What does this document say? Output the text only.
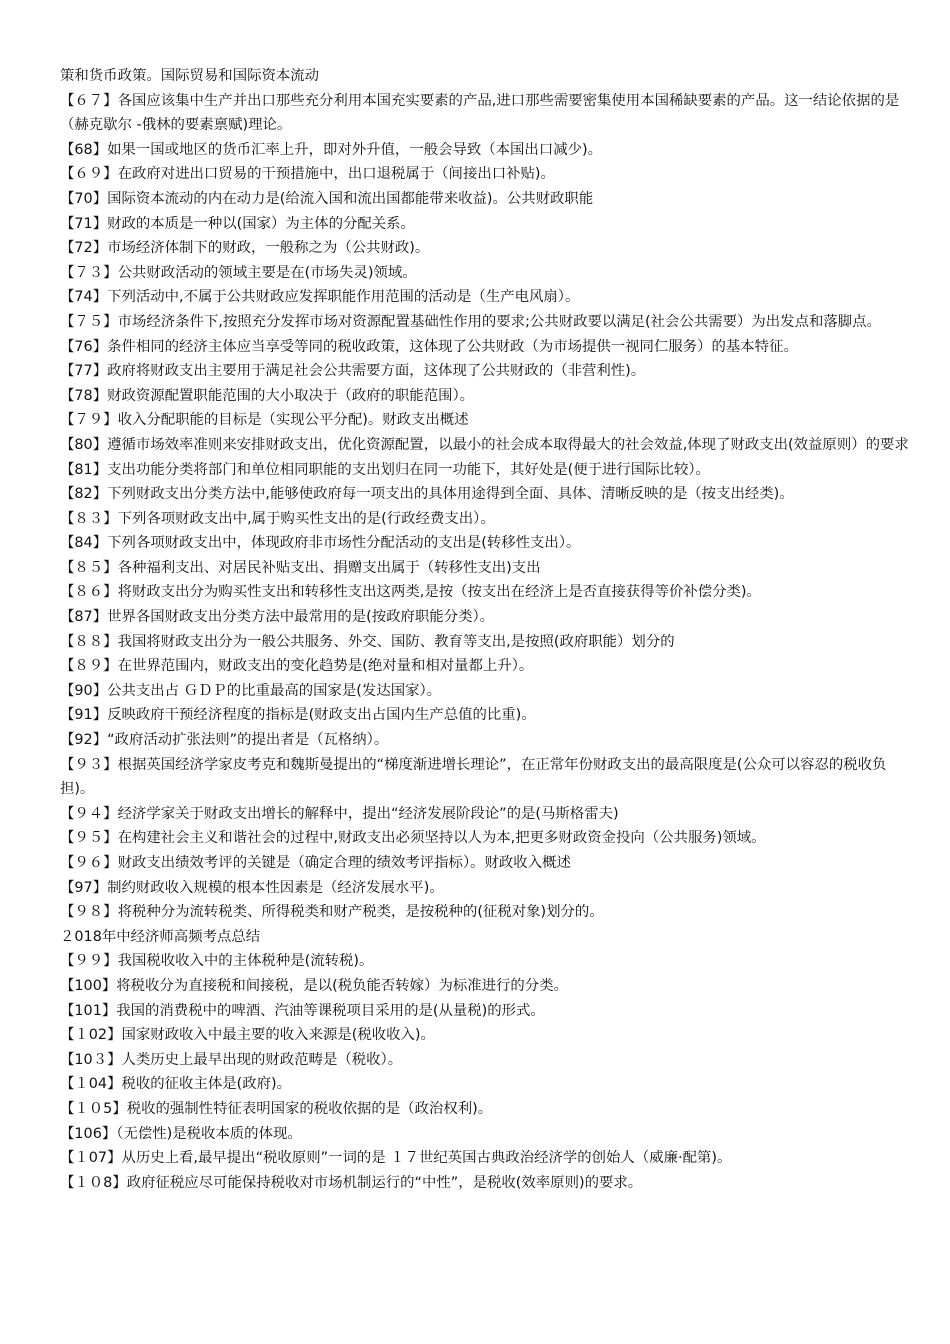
策和货币政策。国际贸易和国际资本流动

【６７】各国应该集中生产并出口那些充分利用本国充实要素的产品,进口那些需要密集使用本国稀缺要素的产品。这一结论依据的是（赫克歇尔 -俄林的要素禀赋)理论。

【68】如果一国或地区的货币汇率上升，即对外升值，一般会导致（本国出口减少)。

【６９】在政府对进出口贸易的干预措施中，出口退税属于（间接出口补贴)。

【70】国际资本流动的内在动力是(给流入国和流出国都能带来收益)。公共财政职能

【71】财政的本质是一种以(国家）为主体的分配关系。

【72】市场经济体制下的财政，一般称之为（公共财政)。

【７３】公共财政活动的领域主要是在(市场失灵)领域。

【74】下列活动中,不属于公共财政应发挥职能作用范围的活动是（生产电风扇）。

【７５】市场经济条件下,按照充分发挥市场对资源配置基础性作用的要求;公共财政要以满足(社会公共需要）为出发点和落脚点。

【76】条件相同的经济主体应当享受等同的税收政策，这体现了公共财政（为市场提供一视同仁服务）的基本特征。

【77】政府将财政支出主要用于满足社会公共需要方面，这体现了公共财政的（非营利性)。

【78】财政资源配置职能范围的大小取决于（政府的职能范围）。

【７９】收入分配职能的目标是（实现公平分配)。财政支出概述

【80】遵循市场效率准则来安排财政支出，优化资源配置，以最小的社会成本取得最大的社会效益,体现了财政支出(效益原则）的要求

【81】支出功能分类将部门和单位相同职能的支出划归在同一功能下，其好处是(便于进行国际比较）。

【82】下列财政支出分类方法中,能够使政府每一项支出的具体用途得到全面、具体、清晰反映的是（按支出经类)。

【８３】下列各项财政支出中,属于购买性支出的是(行政经费支出）。

【84】下列各项财政支出中，体现政府非市场性分配活动的支出是(转移性支出）。

【８５】各种福利支出、对居民补贴支出、捐赠支出属于（转移性支出)支出

【８６】将财政支出分为购买性支出和转移性支出这两类,是按（按支出在经济上是否直接获得等价补偿分类)。

【87】世界各国财政支出分类方法中最常用的是(按政府职能分类）。

【８８】我国将财政支出分为一般公共服务、外交、国防、教育等支出,是按照(政府职能）划分的

【８９】在世界范围内，财政支出的变化趋势是(绝对量和相对量都上升）。

【90】公共支出占 ＧＤＰ的比重最高的国家是(发达国家）。

【91】反映政府干预经济程度的指标是(财政支出占国内生产总值的比重)。

【92】“政府活动扩张法则”的提出者是（瓦格纳）。

【９３】根据英国经济学家皮考克和魏斯曼提出的“梯度渐进增长理论”，在正常年份财政支出的最高限度是(公众可以容忍的税收负担)。

【９４】经济学家关于财政支出增长的解释中，提出“经济发展阶段论”的是(马斯格雷夫)

【９５】在构建社会主义和谐社会的过程中,财政支出必须坚持以人为本,把更多财政资金投向（公共服务)领域。

【９６】财政支出绩效考评的关键是（确定合理的绩效考评指标）。财政收入概述

【97】制约财政收入规模的根本性因素是（经济发展水平)。

【９８】将税种分为流转税类、所得税类和财产税类，是按税种的(征税对象)划分的。

２018年中经济师高频考点总结

【９９】我国税收收入中的主体税种是(流转税)。

【100】将税收分为直接税和间接税，是以(税负能否转嫁）为标准进行的分类。

【101】我国的消费税中的啤酒、汽油等课税项目采用的是(从量税)的形式。

【１02】国家财政收入中最主要的收入来源是(税收收入)。

【10３】人类历史上最早出现的财政范畴是（税收）。

【１04】税收的征收主体是(政府)。

【１０5】税收的强制性特征表明国家的税收依据的是（政治权利)。

【106】（无偿性)是税收本质的体现。

【１07】从历史上看,最早提出“税收原则”一词的是 １７世纪英国古典政治经济学的创始人（威廉·配第)。

【１０8】政府征税应尽可能保持税收对市场机制运行的“中性”，是税收(效率原则)的要求。
